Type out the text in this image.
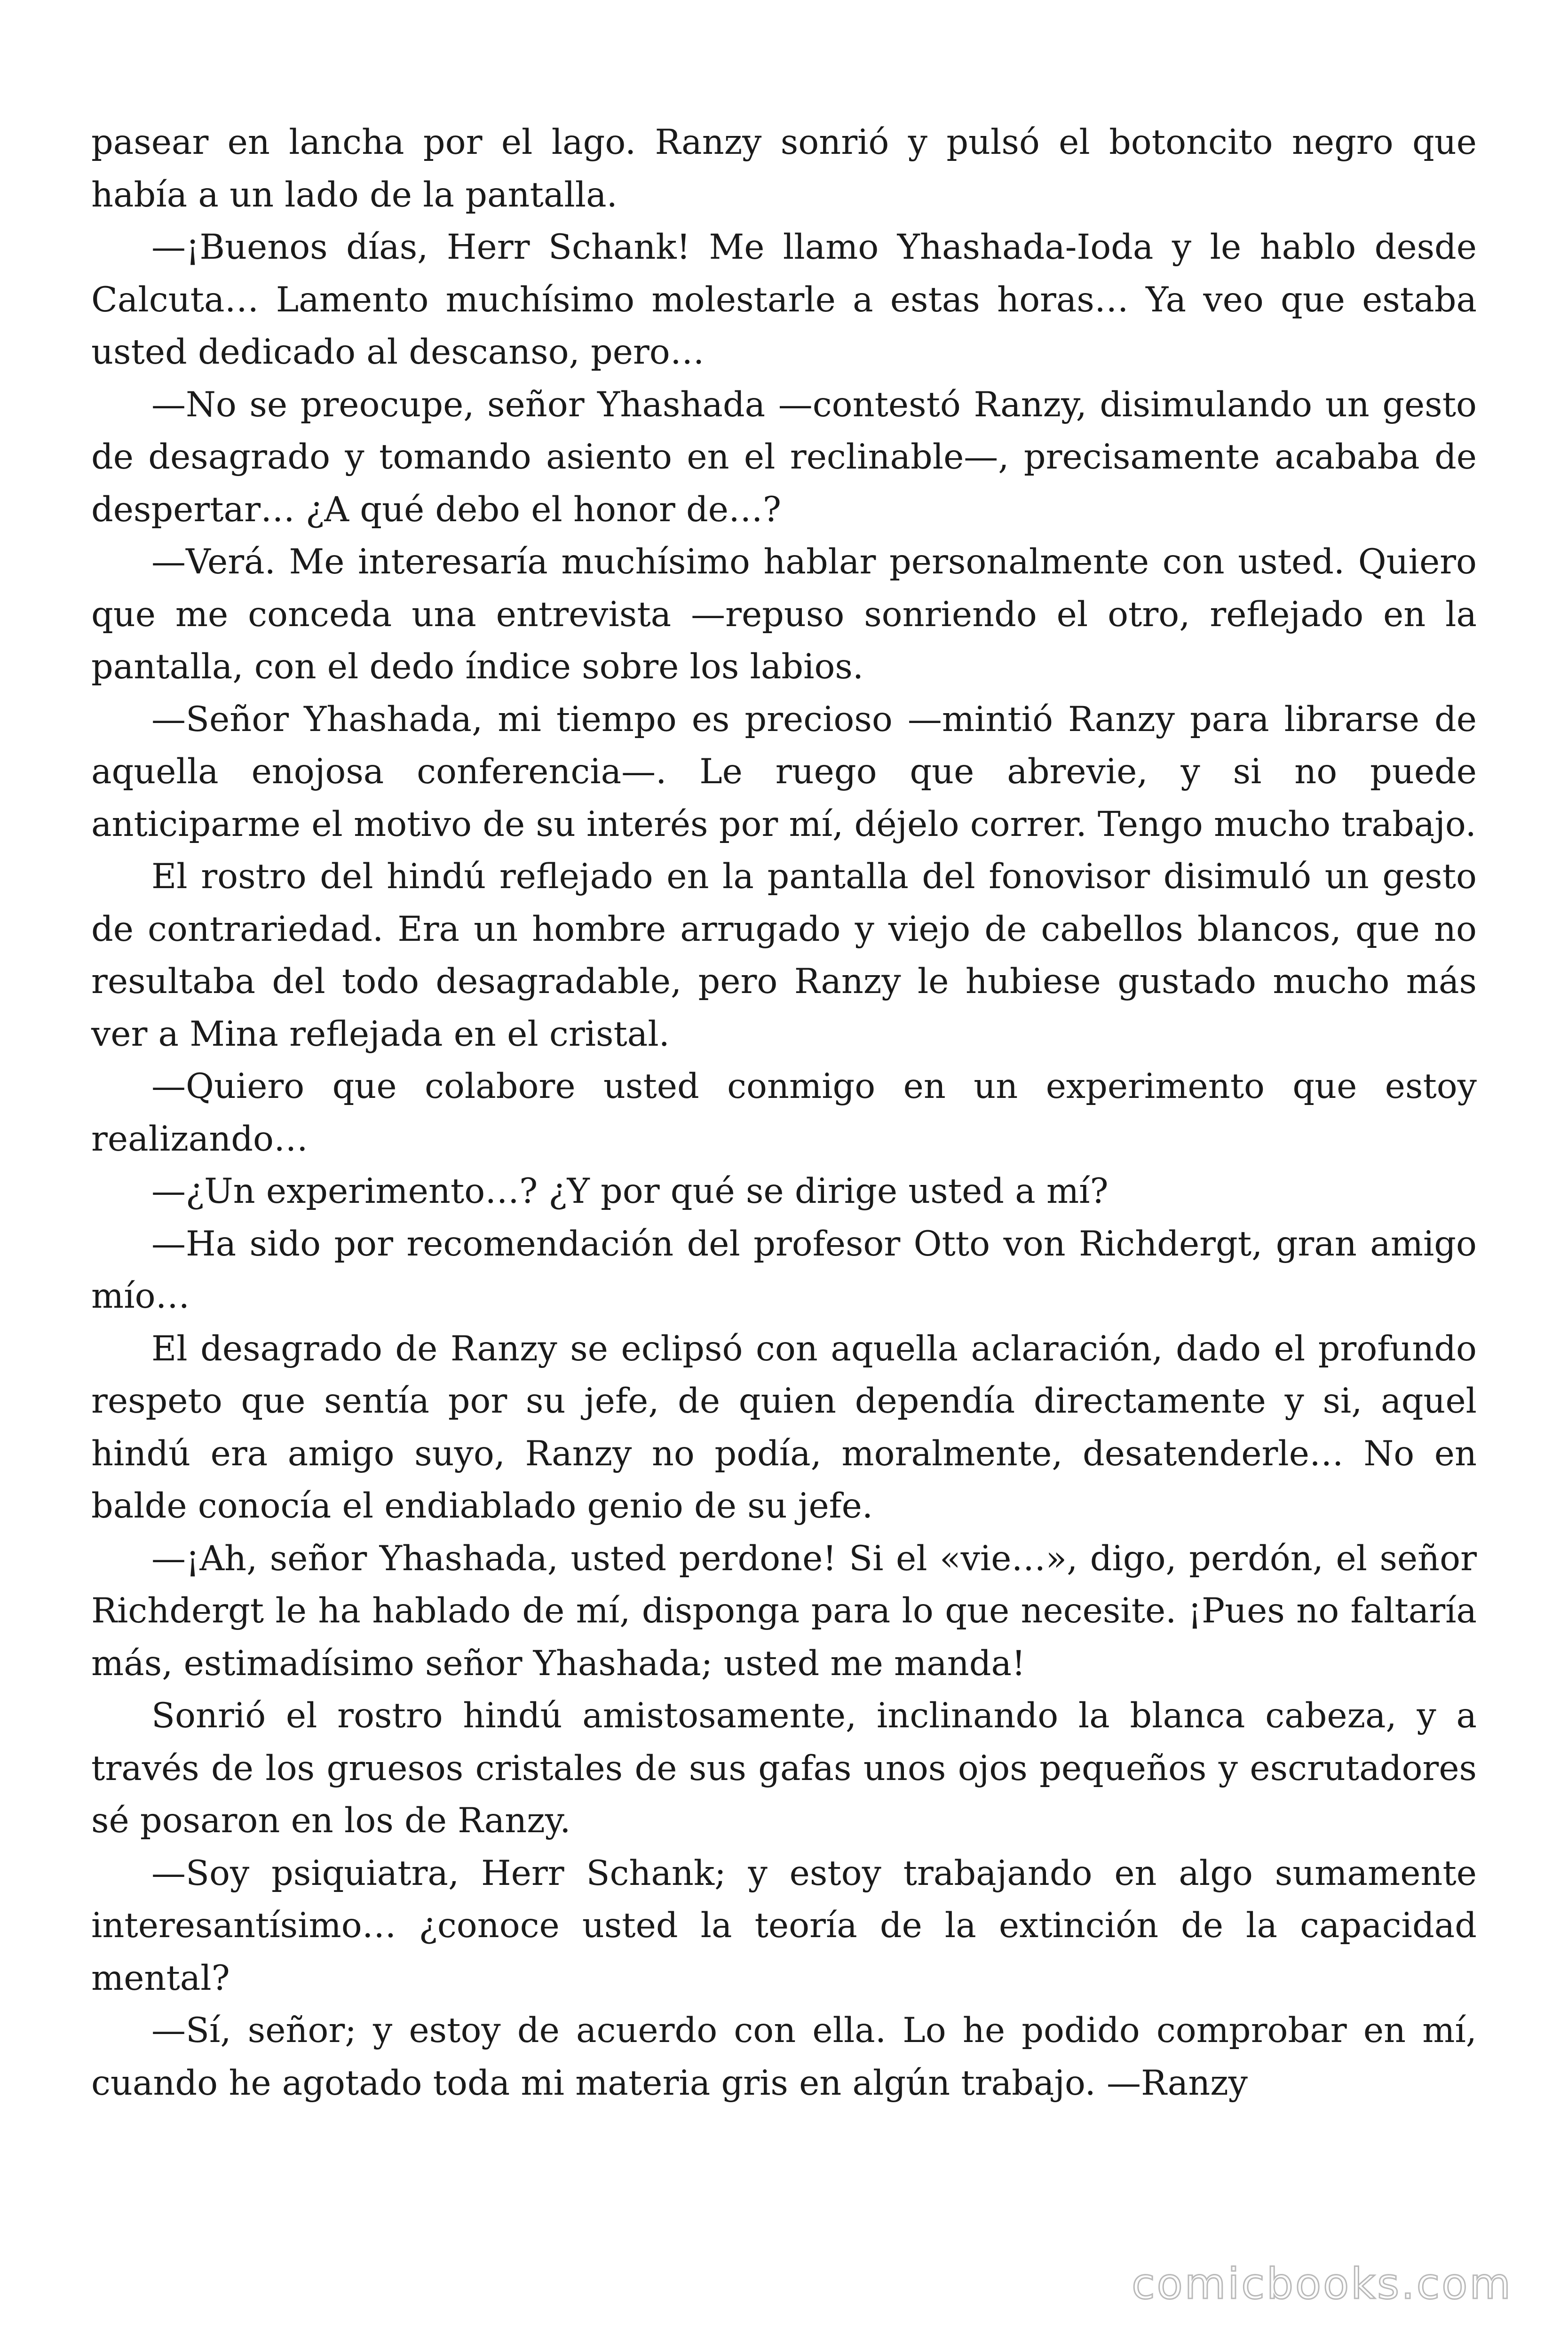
pasear en lancha por el lago. Ranzy sonrió y pulsó el botoncito negro que había a un lado de la pantalla.

—¡Buenos días, Herr Schank! Me llamo Yhashada-Ioda y le hablo desde Calcuta… Lamento muchísimo molestarle a estas horas… Ya veo que estaba usted dedicado al descanso, pero…

—No se preocupe, señor Yhashada —contestó Ranzy, disimulando un gesto de desagrado y tomando asiento en el reclinable—, precisamente acababa de despertar… ¿A qué debo el honor de…?

—Verá. Me interesaría muchísimo hablar personalmente con usted. Quiero que me conceda una entrevista —repuso sonriendo el otro, reflejado en la pantalla, con el dedo índice sobre los labios.

—Señor Yhashada, mi tiempo es precioso —mintió Ranzy para librarse de aquella enojosa conferencia—. Le ruego que abrevie, y si no puede anticiparme el motivo de su interés por mí, déjelo correr. Tengo mucho trabajo.

El rostro del hindú reflejado en la pantalla del fonovisor disimuló un gesto de contrariedad. Era un hombre arrugado y viejo de cabellos blancos, que no resultaba del todo desagradable, pero Ranzy le hubiese gustado mucho más ver a Mina reflejada en el cristal.

—Quiero que colabore usted conmigo en un experimento que estoy realizando…

—¿Un experimento…? ¿Y por qué se dirige usted a mí?

—Ha sido por recomendación del profesor Otto von Richdergt, gran amigo mío…

El desagrado de Ranzy se eclipsó con aquella aclaración, dado el profundo respeto que sentía por su jefe, de quien dependía directamente y si, aquel hindú era amigo suyo, Ranzy no podía, moralmente, desatenderle… No en balde conocía el endiablado genio de su jefe.

—¡Ah, señor Yhashada, usted perdone! Si el «vie…», digo, perdón, el señor Richdergt le ha hablado de mí, disponga para lo que necesite. ¡Pues no faltaría más, estimadísimo señor Yhashada; usted me manda!

Sonrió el rostro hindú amistosamente, inclinando la blanca cabeza, y a través de los gruesos cristales de sus gafas unos ojos pequeños y escrutadores sé posaron en los de Ranzy.

—Soy psiquiatra, Herr Schank; y estoy trabajando en algo sumamente interesantísimo… ¿conoce usted la teoría de la extinción de la capacidad mental?

—Sí, señor; y estoy de acuerdo con ella. Lo he podido comprobar en mí, cuando he agotado toda mi materia gris en algún trabajo. —Ranzy

comicbooks.com
